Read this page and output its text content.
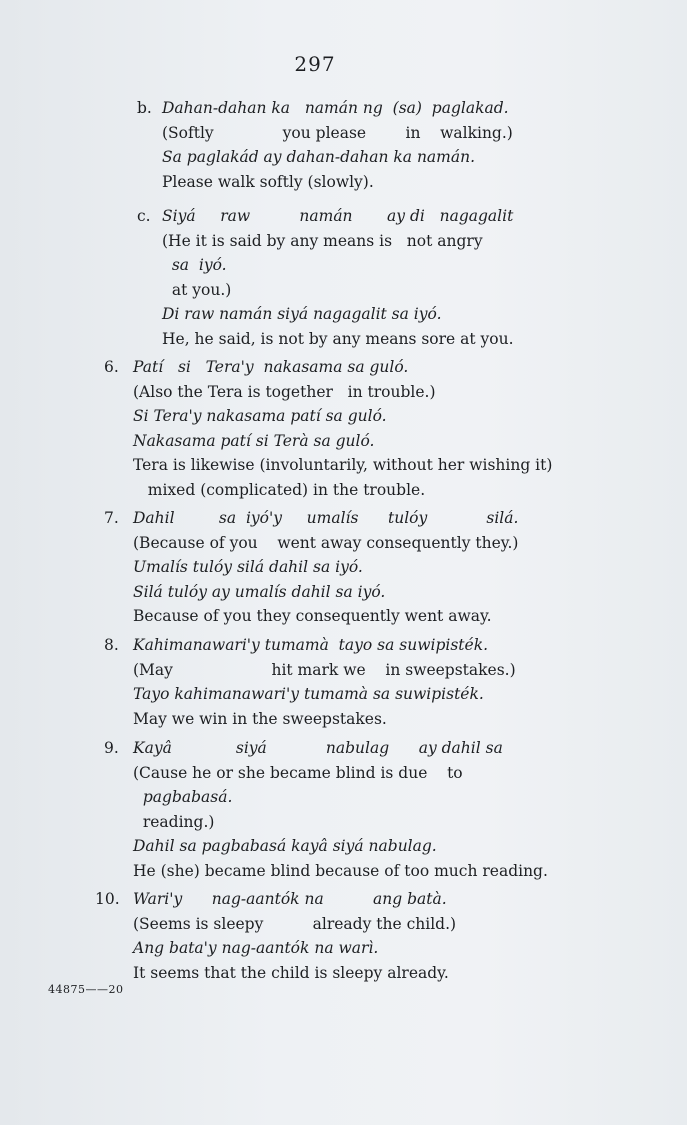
297
b. Dahan-dahan ka   namán ng  (sa)  paglakad.
(Softly              you please        in    walking.)
Sa paglakád ay dahan-dahan ka namán.
Please walk softly (slowly).
c. Siyá     raw          namán       ay di   nagagalit
(He it is said by any means is   not angry
sa  iyó.
at you.)
Di raw namán siyá nagagalit sa iyó.
He, he said, is not by any means sore at you.
6. Patí   si   Tera'y  nakasama sa guló.
(Also the Tera is together   in trouble.)
Si Tera'y nakasama patí sa guló.
Nakasama patí si Terà sa guló.
Tera is likewise (involuntarily, without her wishing it)
mixed (complicated) in the trouble.
7. Dahil         sa  iyó'y     umalís      tulóy            silá.
(Because of you    went away consequently they.)
Umalís tulóy silá dahil sa iyó.
Silá tulóy ay umalís dahil sa iyó.
Because of you they consequently went away.
8. Kahimanawari'y tumamà  tayo sa suwipisték.
(May                    hit mark we    in sweepstakes.)
Tayo kahimanawari'y tumamà sa suwipisték.
May we win in the sweepstakes.
9. Kayâ             siyá            nabulag      ay dahil sa
(Cause he or she became blind is due    to
pagbabasá.
reading.)
Dahil sa pagbabasá kayâ siyá nabulag.
He (she) became blind because of too much reading.
10. Wari'y      nag-aantók na          ang batà.
(Seems is sleepy          already the child.)
Ang bata'y nag-aantók na warì.
It seems that the child is sleepy already.
44875——20
